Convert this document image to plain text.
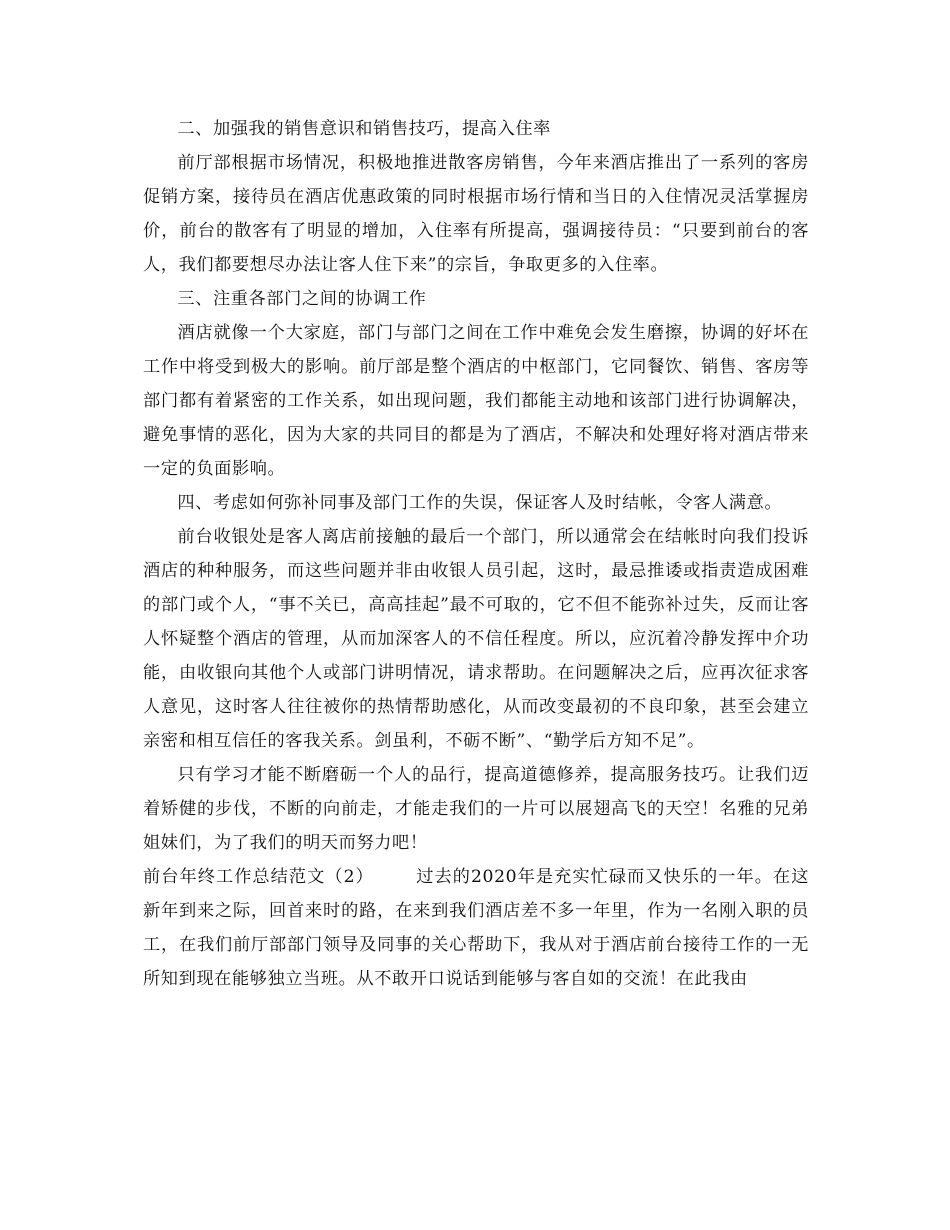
二、加强我的销售意识和销售技巧，提高入住率

前厅部根据市场情况，积极地推进散客房销售，今年来酒店推出了一系列的客房促销方案，接待员在酒店优惠政策的同时根据市场行情和当日的入住情况灵活掌握房价，前台的散客有了明显的增加，入住率有所提高，强调接待员：“只要到前台的客人，我们都要想尽办法让客人住下来”的宗旨，争取更多的入住率。

三、注重各部门之间的协调工作

酒店就像一个大家庭，部门与部门之间在工作中难免会发生磨擦，协调的好坏在工作中将受到极大的影响。前厅部是整个酒店的中枢部门，它同餐饮、销售、客房等部门都有着紧密的工作关系，如出现问题，我们都能主动地和该部门进行协调解决，避免事情的恶化，因为大家的共同目的都是为了酒店，不解决和处理好将对酒店带来一定的负面影响。

四、考虑如何弥补同事及部门工作的失误，保证客人及时结帐，令客人满意。

前台收银处是客人离店前接触的最后一个部门，所以通常会在结帐时向我们投诉酒店的种种服务，而这些问题并非由收银人员引起，这时，最忌推诿或指责造成困难的部门或个人，“事不关已，高高挂起”最不可取的，它不但不能弥补过失，反而让客人怀疑整个酒店的管理，从而加深客人的不信任程度。所以，应沉着冷静发挥中介功能，由收银向其他个人或部门讲明情况，请求帮助。在问题解决之后，应再次征求客人意见，这时客人往往被你的热情帮助感化，从而改变最初的不良印象，甚至会建立亲密和相互信任的客我关系。剑虽利，不砺不断”、“勤学后方知不足”。

只有学习才能不断磨砺一个人的品行，提高道德修养，提高服务技巧。让我们迈着矫健的步伐，不断的向前走，才能走我们的一片可以展翅高飞的天空！名雅的兄弟姐妹们，为了我们的明天而努力吧！

前台年终工作总结范文（2） 过去的2020年是充实忙碌而又快乐的一年。在这新年到来之际，回首来时的路，在来到我们酒店差不多一年里，作为一名刚入职的员工，在我们前厅部部门领导及同事的关心帮助下，我从对于酒店前台接待工作的一无所知到现在能够独立当班。从不敢开口说话到能够与客自如的交流！在此我由
